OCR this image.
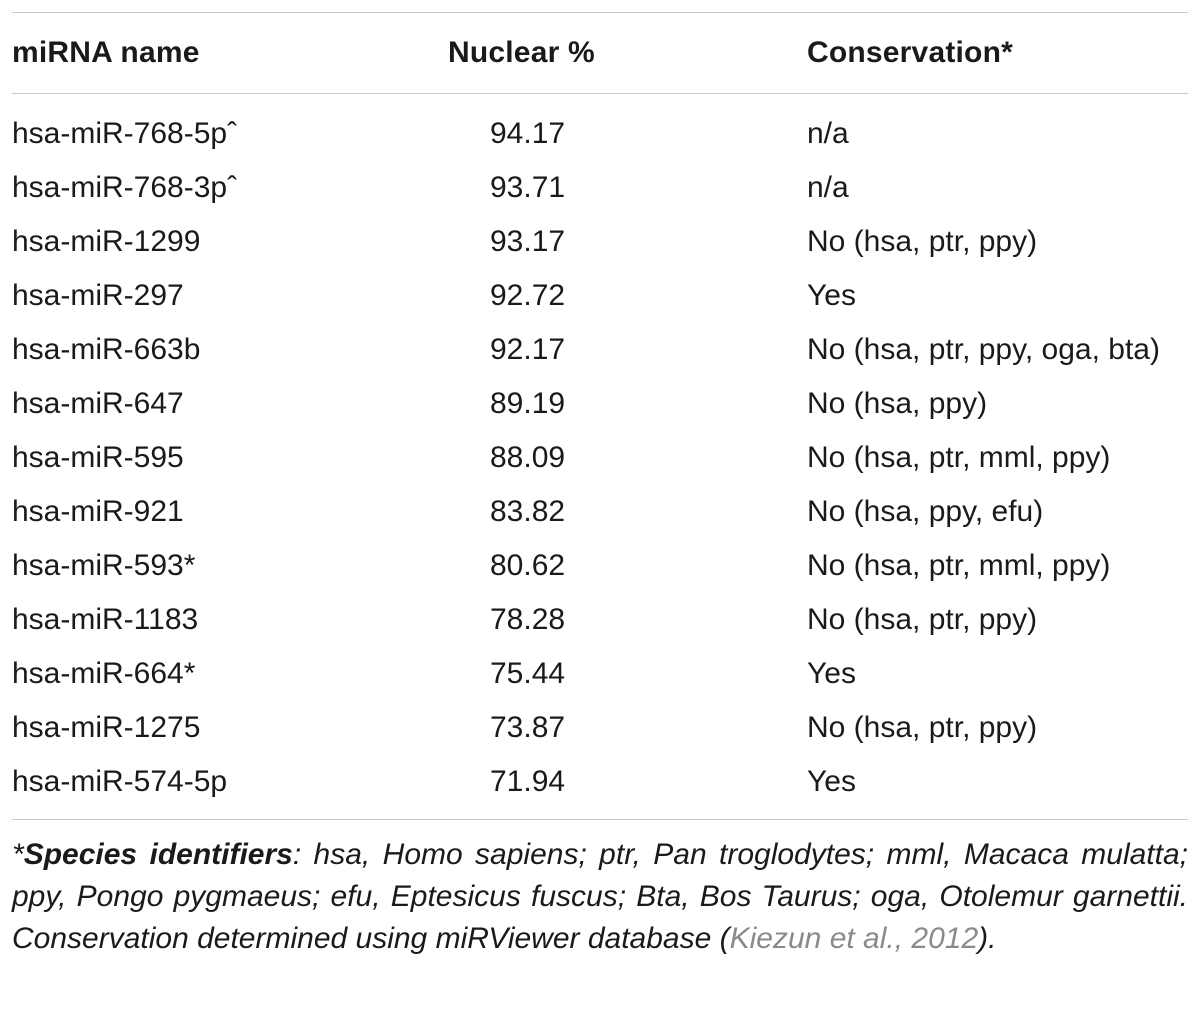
miRNA name	Nuclear %	Conservation*
hsa-miR-768-5pˆ	94.17	n/a
hsa-miR-768-3pˆ	93.71	n/a
hsa-miR-1299	93.17	No (hsa, ptr, ppy)
hsa-miR-297	92.72	Yes
hsa-miR-663b	92.17	No (hsa, ptr, ppy, oga, bta)
hsa-miR-647	89.19	No (hsa, ppy)
hsa-miR-595	88.09	No (hsa, ptr, mml, ppy)
hsa-miR-921	83.82	No (hsa, ppy, efu)
hsa-miR-593*	80.62	No (hsa, ptr, mml, ppy)
hsa-miR-1183	78.28	No (hsa, ptr, ppy)
hsa-miR-664*	75.44	Yes
hsa-miR-1275	73.87	No (hsa, ptr, ppy)
hsa-miR-574-5p	71.94	Yes
*Species identifiers: hsa, Homo sapiens; ptr, Pan troglodytes; mml, Macaca mulatta; ppy, Pongo pygmaeus; efu, Eptesicus fuscus; Bta, Bos Taurus; oga, Otolemur garnettii. Conservation determined using miRViewer database (Kiezun et al., 2012).
